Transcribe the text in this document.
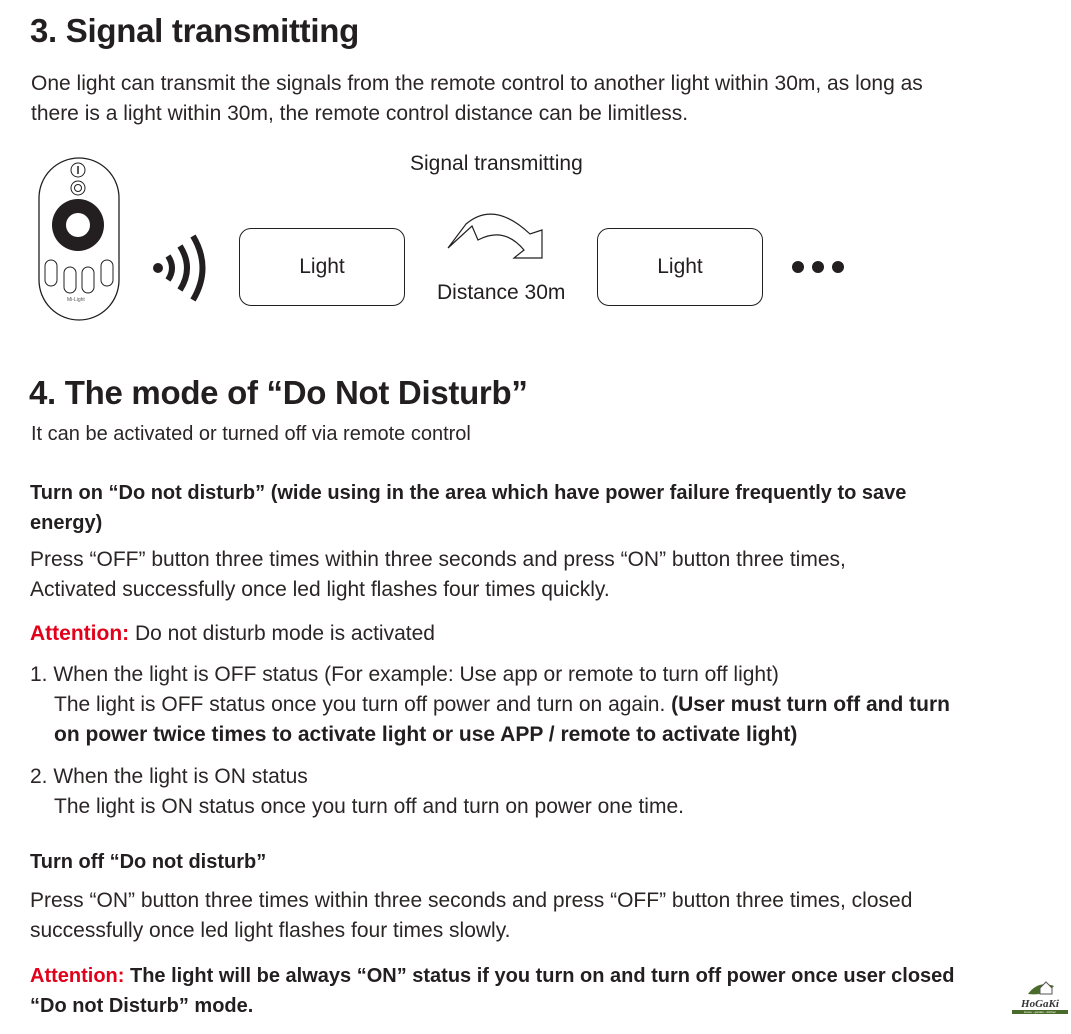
3. Signal transmitting
One light can transmit the signals from the remote control to another light within 30m, as long as
there is a light within 30m, the remote control distance can be limitless.
Mi-Light
Light
Signal transmitting
Distance 30m
Light
4. The mode of “Do Not Disturb”
It can be activated or turned off via remote control
Turn on “Do not disturb” (wide using in the area which have power failure frequently to save
energy)
Press “OFF” button three times within three seconds and press “ON” button three times,
Activated successfully once led light flashes four times quickly.
Attention: Do not disturb mode is activated
1. When the light is OFF status (For example: Use app or remote to turn off light)
The light is OFF status once you turn off power and turn on again. (User must turn off and turn
on power twice times to activate light or use APP / remote to activate light)
2. When the light is ON status
The light is ON status once you turn off and turn on power one time.
Turn off “Do not disturb”
Press “ON” button three times within three seconds and press “OFF” button three times, closed
successfully once led light flashes four times slowly.
Attention: The light will be always “ON” status if you turn on and turn off power once user closed
“Do not Disturb” mode.	HoGaKi
Home - garden - kitchen
